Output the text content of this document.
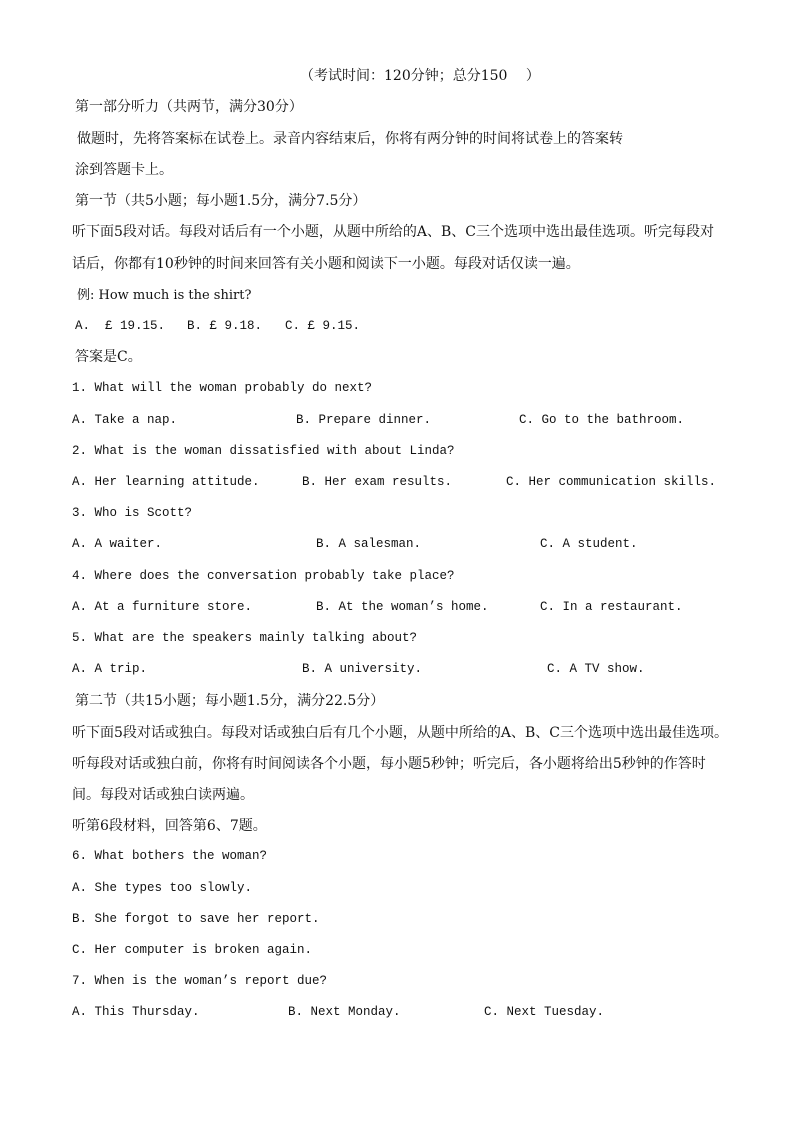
（考试时间：120分钟；总分150 　）
第一部分听力（共两节，满分30分）
做题时，先将答案标在试卷上。录音内容结束后，你将有两分钟的时间将试卷上的答案转
涂到答题卡上。
第一节（共5小题；每小题1.5分，满分7.5分）
听下面5段对话。每段对话后有一个小题，从题中所给的A、B、C三个选项中选出最佳选项。听完每段对
话后，你都有10秒钟的时间来回答有关小题和阅读下一小题。每段对话仅读一遍。
例: How much is the shirt?
A.  £ 19.15. B. £ 9.18. C. £ 9.15.
答案是C。
1. What will the woman probably do next?
A. Take a nap.	B. Prepare dinner.	C. Go to the bathroom.
2. What is the woman dissatisfied with about Linda?
A. Her learning attitude.	B. Her exam results.	C. Her communication skills.
3. Who is Scott?
A. A waiter.	B. A salesman.	C. A student.
4. Where does the conversation probably take place?
A. At a furniture store.	B. At the woman’s home.	C. In a restaurant.
5. What are the speakers mainly talking about?
A. A trip.	B. A university.	C. A TV show.
第二节（共15小题；每小题1.5分，满分22.5分）
听下面5段对话或独白。每段对话或独白后有几个小题，从题中所给的A、B、C三个选项中选出最佳选项。
听每段对话或独白前，你将有时间阅读各个小题，每小题5秒钟；听完后，各小题将给出5秒钟的作答时
间。每段对话或独白读两遍。
听第6段材料，回答第6、7题。
6. What bothers the woman?
A. She types too slowly.
B. She forgot to save her report.
C. Her computer is broken again.
7. When is the woman’s report due?
A. This Thursday.	B. Next Monday.	C. Next Tuesday.
